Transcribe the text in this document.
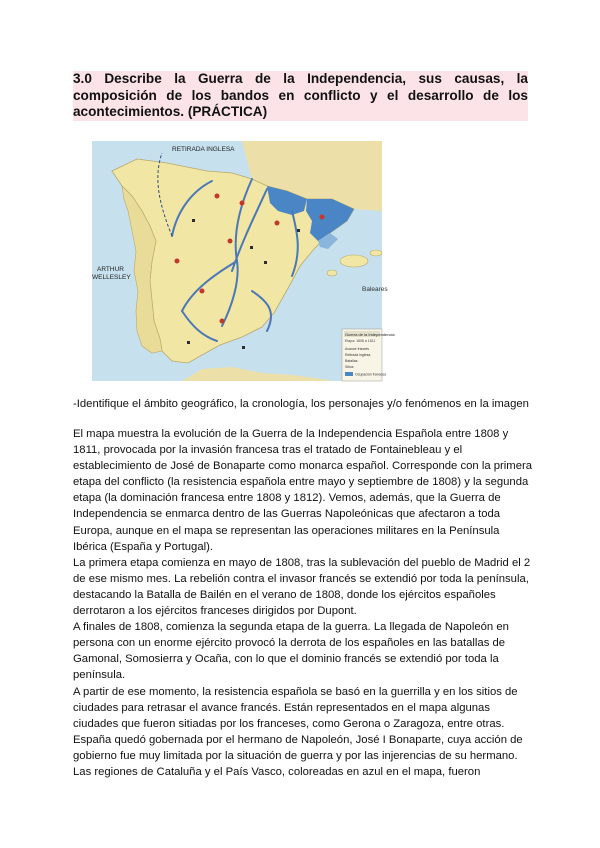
3.0 Describe la Guerra de la Independencia, sus causas, la composición de los bandos en conflicto y el desarrollo de los acontecimientos. (PRÁCTICA)
Baleares
RETIRADA INGLESA
ARTHUR WELLESLEY
Guerra de la Independencia
Etapa: 1808 a 1811
Avance francés
Retirada inglesa
Batallas
Sitios
Ocupación francesa

-Identifique el ámbito geográfico, la cronología, los personajes y/o fenómenos en la imagen

El mapa muestra la evolución de la Guerra de la Independencia Española entre 1808 y 1811, provocada por la invasión francesa tras el tratado de Fontainebleau y el establecimiento de José de Bonaparte como monarca español. Corresponde con la primera etapa del conflicto (la resistencia española entre mayo y septiembre de 1808) y la segunda etapa (la dominación francesa entre 1808 y 1812). Vemos, además, que la Guerra de Independencia se enmarca dentro de las Guerras Napoleónicas que afectaron a toda Europa, aunque en el mapa se representan las operaciones militares en la Península Ibérica (España y Portugal).

La primera etapa comienza en mayo de 1808, tras la sublevación del pueblo de Madrid el 2 de ese mismo mes. La rebelión contra el invasor francés se extendió por toda la península, destacando la Batalla de Bailén en el verano de 1808, donde los ejércitos españoles derrotaron a los ejércitos franceses dirigidos por Dupont.

A finales de 1808, comienza la segunda etapa de la guerra. La llegada de Napoleón en persona con un enorme ejército provocó la derrota de los españoles en las batallas de Gamonal, Somosierra y Ocaña, con lo que el dominio francés se extendió por toda la península.

A partir de ese momento, la resistencia española se basó en la guerrilla y en los sitios de ciudades para retrasar el avance francés. Están representados en el mapa algunas ciudades que fueron sitiadas por los franceses, como Gerona o Zaragoza, entre otras. España quedó gobernada por el hermano de Napoleón, José I Bonaparte, cuya acción de gobierno fue muy limitada por la situación de guerra y por las injerencias de su hermano.

Las regiones de Cataluña y el País Vasco, coloreadas en azul en el mapa, fueron
